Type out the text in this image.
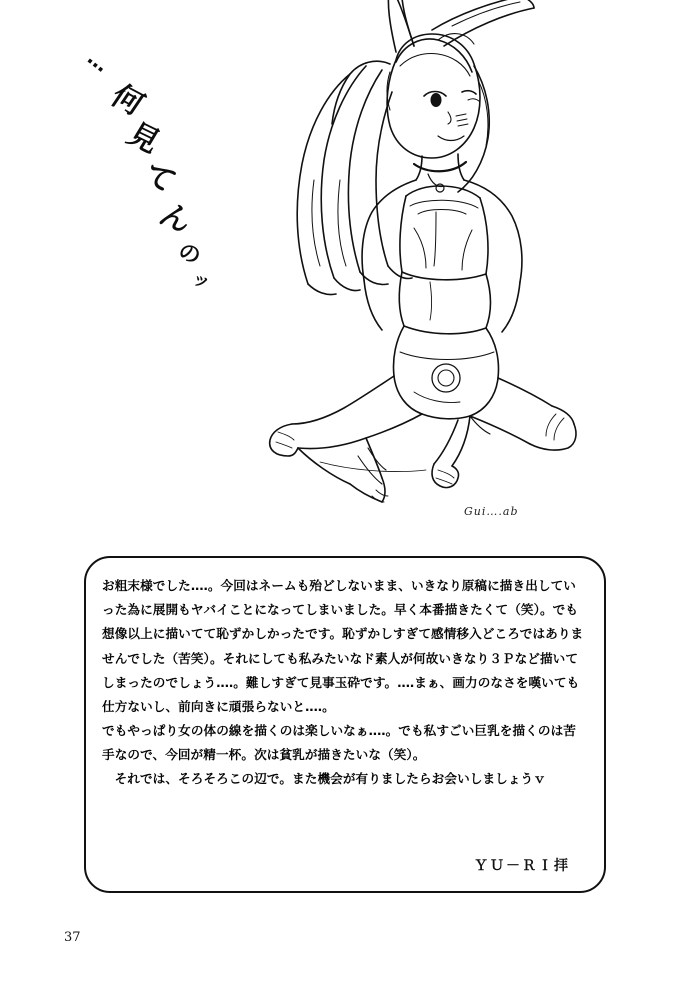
…
何
見
て
ん
の
ッ
Gui….ab

お粗末様でした‥‥。今回はネームも殆どしないまま、いきなり原稿に描き出していった為に展開もヤバイことになってしまいました。早く本番描きたくて（笑）。でも想像以上に描いてて恥ずかしかったです。恥ずかしすぎて感情移入どころではありませんでした（苦笑）。それにしても私みたいなド素人が何故いきなり３Ｐなど描いてしまったのでしょう‥‥。難しすぎて見事玉砕です。‥‥まぁ、画力のなさを嘆いても仕方ないし、前向きに頑張らないと‥‥。

でもやっぱり女の体の線を描くのは楽しいなぁ‥‥。でも私すごい巨乳を描くのは苦手なので、今回が精一杯。次は貧乳が描きたいな（笑）。

それでは、そろそろこの辺で。また機会が有りましたらお会いしましょうｖ

ＹＵ－ＲＩ拝
37
